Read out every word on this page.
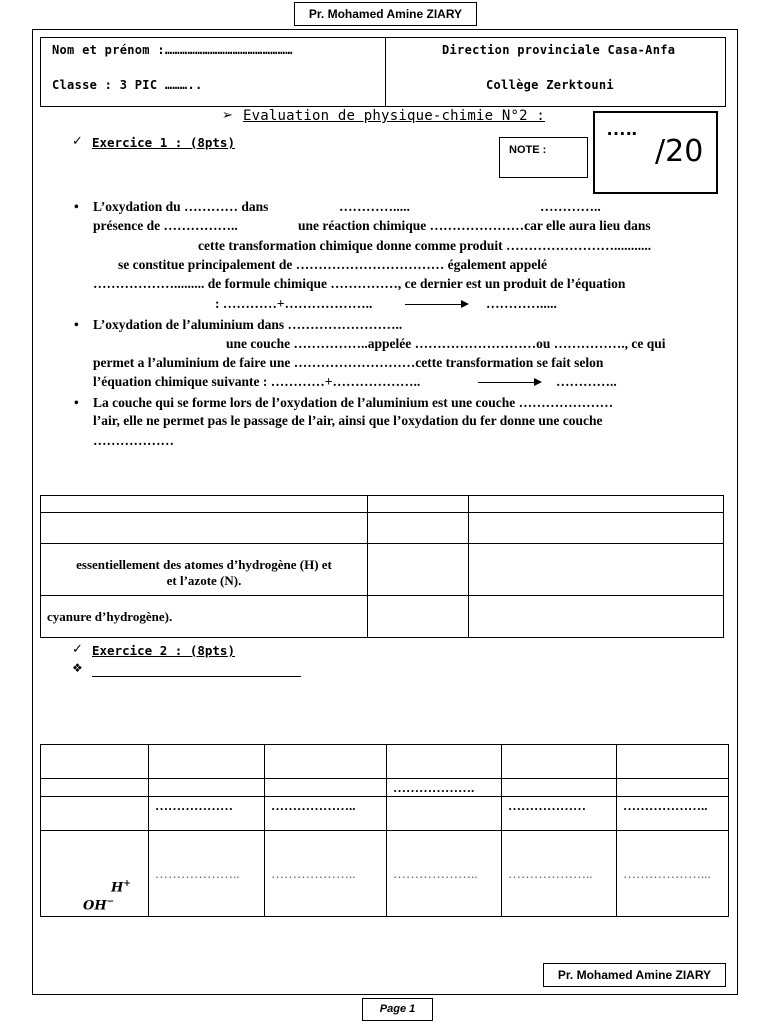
Pr. Mohamed Amine ZIARY
Nom et prénom :……………………………………………
Classe : 3 PIC ………..
Direction provinciale Casa-Anfa
Collège Zerktouni
➢ Evaluation de physique-chimie N°2 :
…..
/20
✓ Exercice 1 : (8pts)	NOTE :
• L’oxydation du ………… dans	………….....	…………..
présence de ……………..	une réaction chimique …………………car elle aura lieu dans
cette transformation chimique donne comme produit ……………………...........
se constitue principalement de …………………………… également appelé
………………......... de formule chimique ……………, ce dernier est un produit de l’équation
: …………+………………..	………….....
• L’oxydation de l’aluminium dans ……………………..
une couche ……………..appelée ………………………ou ……………., ce qui
permet a l’aluminium de faire une ………………………cette transformation se fait selon
l’équation chimique suivante : …………+………………..	…………..
• La couche qui se forme lors de l’oxydation de l’aluminium est une couche …………………
l’air, elle ne permet pas le passage de l’air, ainsi que l’oxydation du fer donne une couche
………………

essentiellement des atomes d’hydrogène (H) et
et l’azote (N).		

cyanure d’hydrogène).		
✓ Exercice 2 : (8pts)
❖

			……………….		
	………………	………………..		………………	………………..

H+
OH−	………………..	………………..	………………..	………………..	………………...
Pr. Mohamed Amine ZIARY
Page 1
